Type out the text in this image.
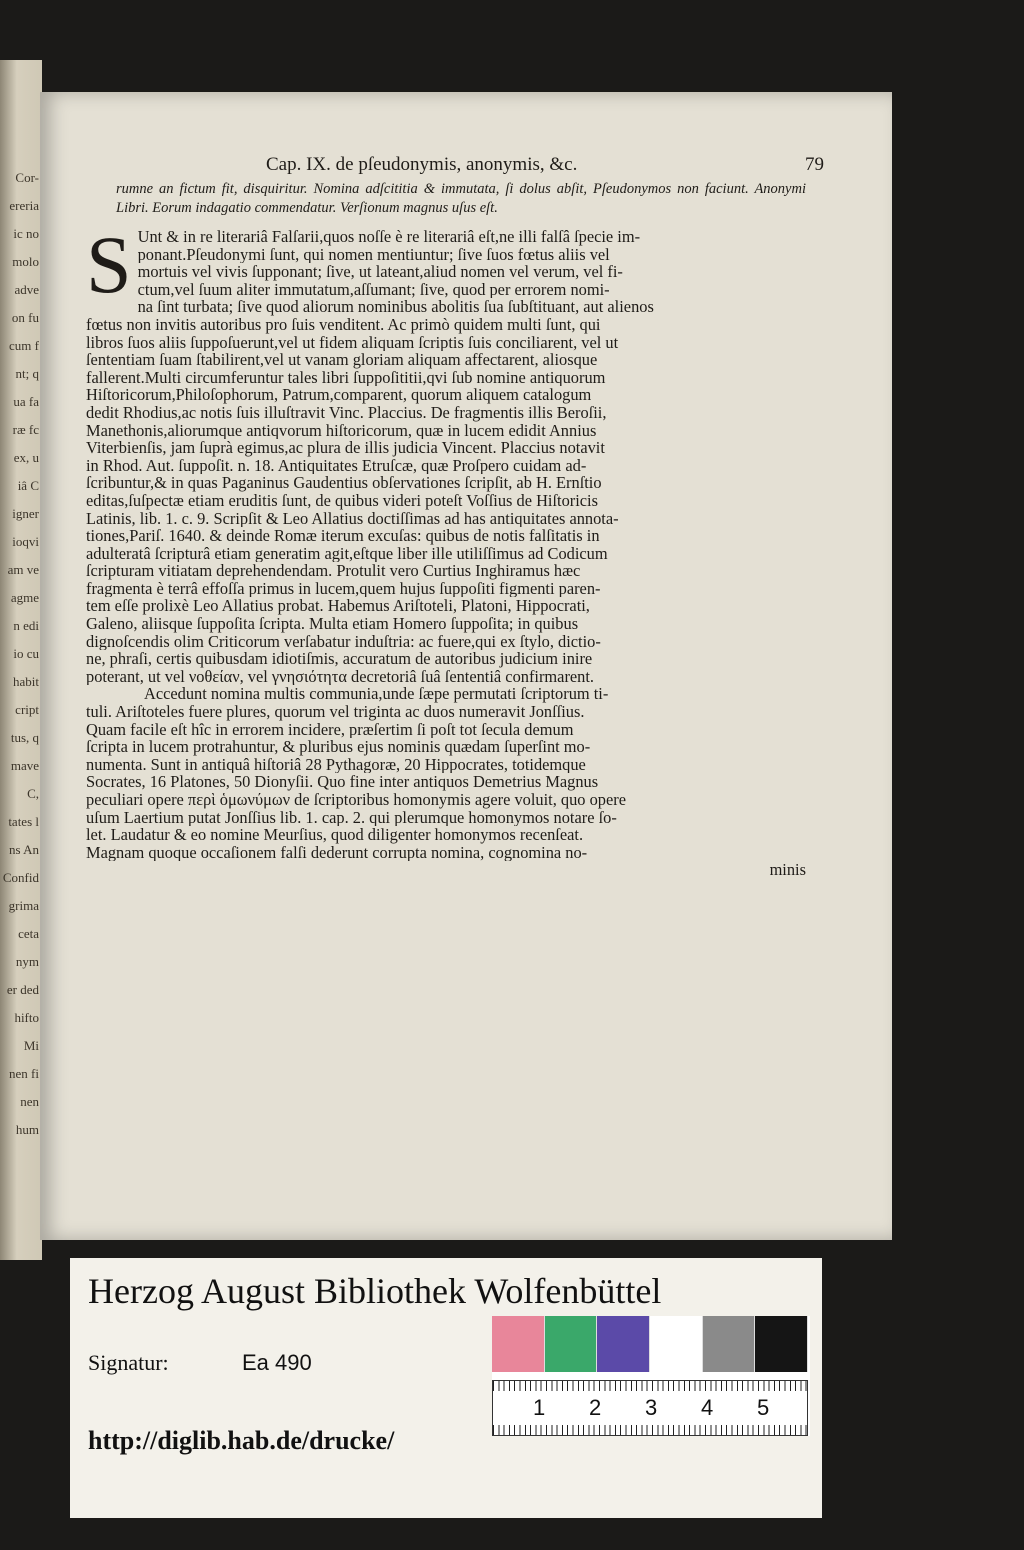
Cor-
ereria
ic no
molo
adve
on fu
cum f
nt; q
ua fa
ræ fc
ex, u
iâ C
igner
ioqvi
am ve
agme
n edi
io cu
habit
cript
tus, q
mave
C,
tates l
ns An
Confid
grima
ceta
nym
er ded
hifto
Mi
nen fi
nen
hum
Cap. IX. de pſeudonymis, anonymis, &c.	79
rumne an fictum fit, disquiritur. Nomina adſcititia & immutata, ſi dolus abſit, Pſeudonymos non faciunt. Anonymi Libri. Eorum indagatio commendatur. Verſionum magnus uſus eſt.
S Unt & in re literariâ Falſarii,quos noſſe è re literariâ eſt,ne illi falſâ ſpecie im-
ponant.Pſeudonymi ſunt, qui nomen mentiuntur; ſive ſuos fœtus aliis vel
mortuis vel vivis ſupponant; ſive, ut lateant,aliud nomen vel verum, vel fi-
ctum,vel ſuum aliter immutatum,aſſumant; ſive, quod per errorem nomi-
na ſint turbata; ſive quod aliorum nominibus abolitis ſua ſubſtituant, aut alienos
fœtus non invitis autoribus pro ſuis venditent. Ac primò quidem multi ſunt, qui
libros ſuos aliis ſuppoſuerunt,vel ut fidem aliquam ſcriptis ſuis conciliarent, vel ut
ſententiam ſuam ſtabilirent,vel ut vanam gloriam aliquam affectarent, aliosque
fallerent.Multi circumferuntur tales libri ſuppoſititii,qvi ſub nomine antiquorum
Hiſtoricorum,Philoſophorum, Patrum,comparent, quorum aliquem catalogum
dedit Rhodius,ac notis ſuis illuſtravit Vinc. Placcius. De fragmentis illis Beroſii,
Manethonis,aliorumque antiqvorum hiſtoricorum, quæ in lucem edidit Annius
Viterbienſis, jam ſuprà egimus,ac plura de illis judicia Vincent. Placcius notavit
in Rhod. Aut. ſuppoſit. n. 18. Antiquitates Etruſcæ, quæ Proſpero cuidam ad-
ſcribuntur,& in quas Paganinus Gaudentius obſervationes ſcripſit, ab H. Ernſtio
editas,ſuſpectæ etiam eruditis ſunt, de quibus videri poteſt Voſſius de Hiſtoricis
Latinis, lib. 1. c. 9. Scripſit & Leo Allatius doctiſſimas ad has antiquitates annota-
tiones,Pariſ. 1640. & deinde Romæ iterum excuſas: quibus de notis falſitatis in
adulteratâ ſcripturâ etiam generatim agit,eſtque liber ille utiliſſimus ad Codicum
ſcripturam vitiatam deprehendendam. Protulit vero Curtius Inghiramus hæc
fragmenta è terrâ effoſſa primus in lucem,quem hujus ſuppoſiti figmenti paren-
tem eſſe prolixè Leo Allatius probat. Habemus Ariſtoteli, Platoni, Hippocrati,
Galeno, aliisque ſuppoſita ſcripta. Multa etiam Homero ſuppoſita; in quibus
dignoſcendis olim Criticorum verſabatur induſtria: ac fuere,qui ex ſtylo, dictio-
ne, phraſi, certis quibusdam idiotiſmis, accuratum de autoribus judicium inire
poterant, ut vel νοθείαν, vel γνησιότητα decretoriâ ſuâ ſententiâ confirmarent.
Accedunt nomina multis communia,unde ſæpe permutati ſcriptorum ti-
tuli. Ariſtoteles fuere plures, quorum vel triginta ac duos numeravit Jonſſius.
Quam facile eſt hîc in errorem incidere, præſertim ſi poſt tot ſecula demum
ſcripta in lucem protrahuntur, & pluribus ejus nominis quædam ſuperſint mo-
numenta. Sunt in antiquâ hiſtoriâ 28 Pythagoræ, 20 Hippocrates, totidemque
Socrates, 16 Platones, 50 Dionyſii. Quo fine inter antiquos Demetrius Magnus
peculiari opere περὶ ὁμωνύμων de ſcriptoribus homonymis agere voluit, quo opere
uſum Laertium putat Jonſſius lib. 1. cap. 2. qui plerumque homonymos notare ſo-
let. Laudatur & eo nomine Meurſius, quod diligenter homonymos recenſeat.
Magnam quoque occaſionem falſi dederunt corrupta nomina, cognomina no-
minis
Herzog August Bibliothek Wolfenbüttel
Signatur:	Ea 490
http://diglib.hab.de/drucke/
1 2 3 4 5
